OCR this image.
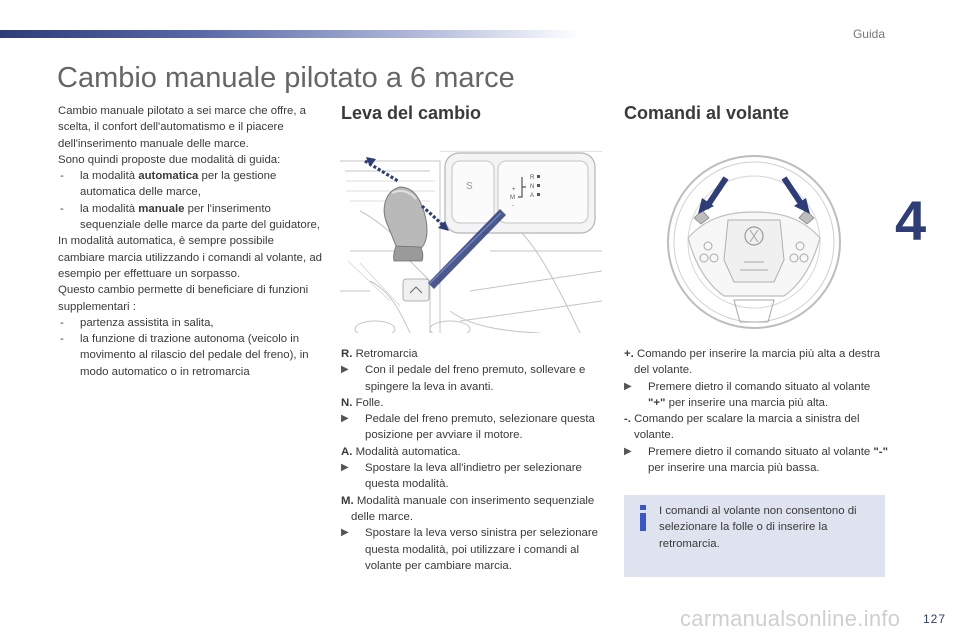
Guida
4
127
Cambio manuale pilotato a 6 marce
Cambio manuale pilotato a sei marce che offre, a scelta, il confort dell'automatismo e il piacere dell'inserimento manuale delle marce.
Sono quindi proposte due modalità di guida:
- la modalità automatica per la gestione automatica delle marce,
- la modalità manuale per l'inserimento sequenziale delle marce da parte del guidatore,
In modalità automatica, è sempre possibile cambiare marcia utilizzando i comandi al volante, ad esempio per effettuare un sorpasso.
Questo cambio permette di beneficiare di funzioni supplementari :
- partenza assistita in salita,
- la funzione di trazione autonoma (veicolo in movimento al rilascio del pedale del freno), in modo automatico o in retromarcia
Leva del cambio	Comandi al volante
S
R
N
A
M
+
-
R. Retromarcia
▶ Con il pedale del freno premuto, sollevare e spingere la leva in avanti.
N. Folle.
▶ Pedale del freno premuto, selezionare questa posizione per avviare il motore.
A. Modalità automatica.
▶ Spostare la leva all'indietro per selezionare questa modalità.
M. Modalità manuale con inserimento sequenziale delle marce.
▶ Spostare la leva verso sinistra per selezionare questa modalità, poi utilizzare i comandi al volante per cambiare marcia.
+. Comando per inserire la marcia più alta a destra del volante.
▶ Premere dietro il comando situato al volante "+" per inserire una marcia più alta.
-. Comando per scalare la marcia a sinistra del volante.
▶ Premere dietro il comando situato al volante "-" per inserire una marcia più bassa.
I comandi al volante non consentono di selezionare la folle o di inserire la retromarcia.
carmanualsonline.info
